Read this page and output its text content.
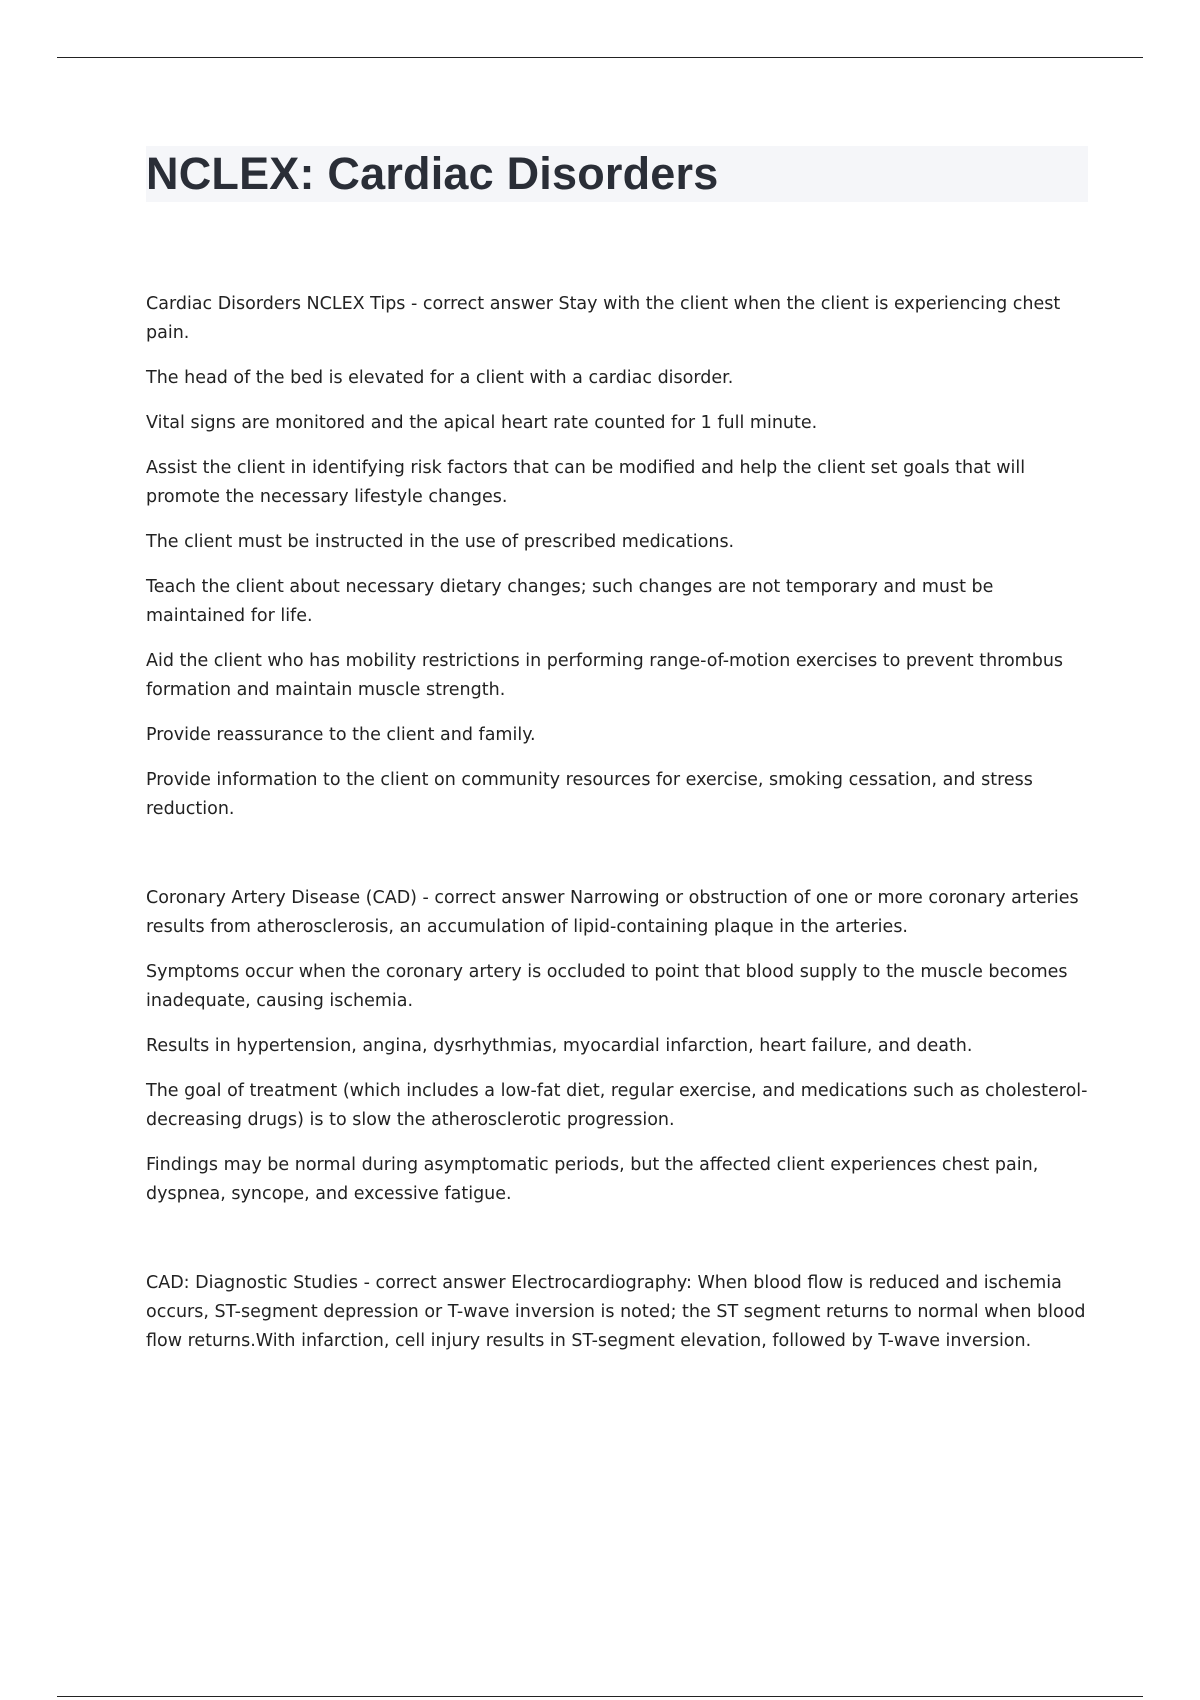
NCLEX: Cardiac Disorders

Cardiac Disorders NCLEX Tips - correct answer Stay with the client when the client is experiencing chest pain.

The head of the bed is elevated for a client with a cardiac disorder.

Vital signs are monitored and the apical heart rate counted for 1 full minute.

Assist the client in identifying risk factors that can be modified and help the client set goals that will promote the necessary lifestyle changes.

The client must be instructed in the use of prescribed medications.

Teach the client about necessary dietary changes; such changes are not temporary and must be maintained for life.

Aid the client who has mobility restrictions in performing range-of-motion exercises to prevent thrombus formation and maintain muscle strength.

Provide reassurance to the client and family.

Provide information to the client on community resources for exercise, smoking cessation, and stress reduction.

Coronary Artery Disease (CAD) - correct answer Narrowing or obstruction of one or more coronary arteries results from atherosclerosis, an accumulation of lipid-containing plaque in the arteries.

Symptoms occur when the coronary artery is occluded to point that blood supply to the muscle becomes inadequate, causing ischemia.

Results in hypertension, angina, dysrhythmias, myocardial infarction, heart failure, and death.

The goal of treatment (which includes a low-fat diet, regular exercise, and medications such as cholesterol-decreasing drugs) is to slow the atherosclerotic progression.

Findings may be normal during asymptomatic periods, but the affected client experiences chest pain, dyspnea, syncope, and excessive fatigue.

CAD: Diagnostic Studies - correct answer Electrocardiography: When blood flow is reduced and ischemia occurs, ST-segment depression or T-wave inversion is noted; the ST segment returns to normal when blood flow returns.With infarction, cell injury results in ST-segment elevation, followed by T-wave inversion.
